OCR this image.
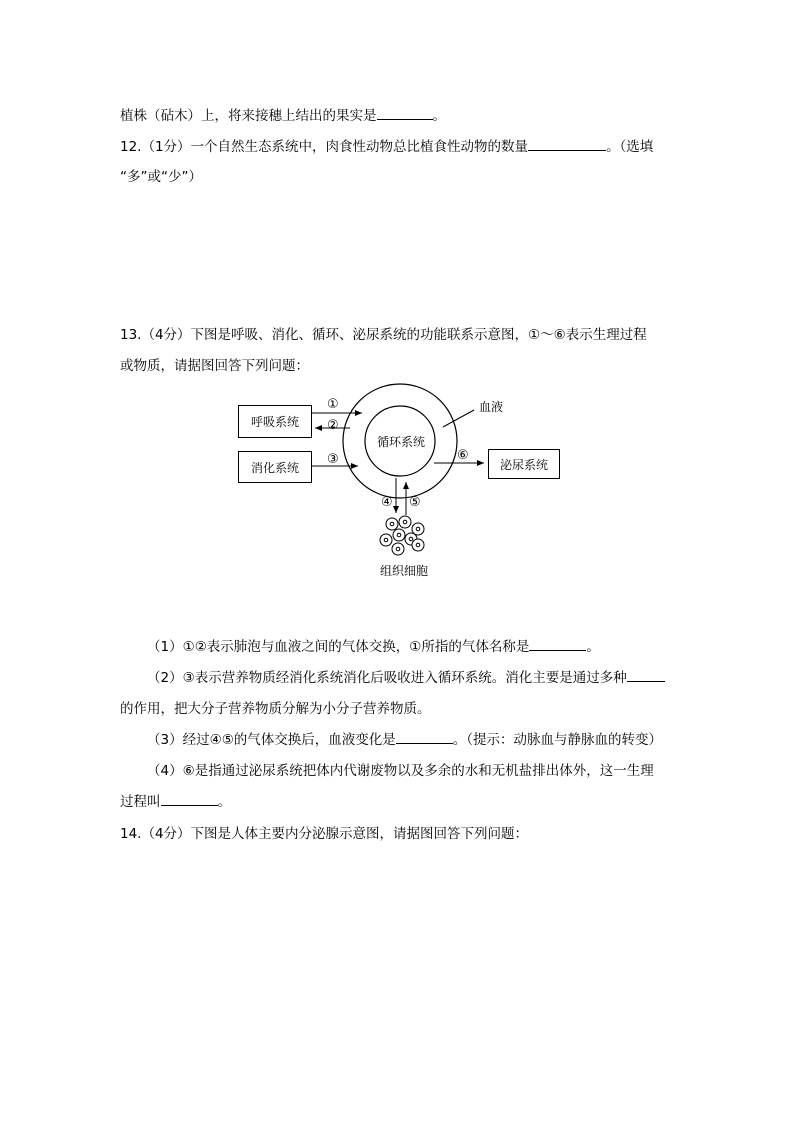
植株（砧木）上，将来接穗上结出的果实是	。
12.（1分）一个自然生态系统中，肉食性动物总比植食性动物的数量	。（选填
“多”或“少”）
13.（4分）下图是呼吸、消化、循环、泌尿系统的功能联系示意图，①～⑥表示生理过程
或物质，请据图回答下列问题：
呼吸系统
消化系统	泌尿系统
循环系统
血液
组织细胞
①
②
③	⑥
④ ⑤
（1）①②表示肺泡与血液之间的气体交换，①所指的气体名称是	。
（2）③表示营养物质经消化系统消化后吸收进入循环系统。消化主要是通过多种
的作用，把大分子营养物质分解为小分子营养物质。
（3）经过④⑤的气体交换后，血液变化是	。（提示：动脉血与静脉血的转变）
（4）⑥是指通过泌尿系统把体内代谢废物以及多余的水和无机盐排出体外，这一生理
过程叫	。
14.（4分）下图是人体主要内分泌腺示意图，请据图回答下列问题：
